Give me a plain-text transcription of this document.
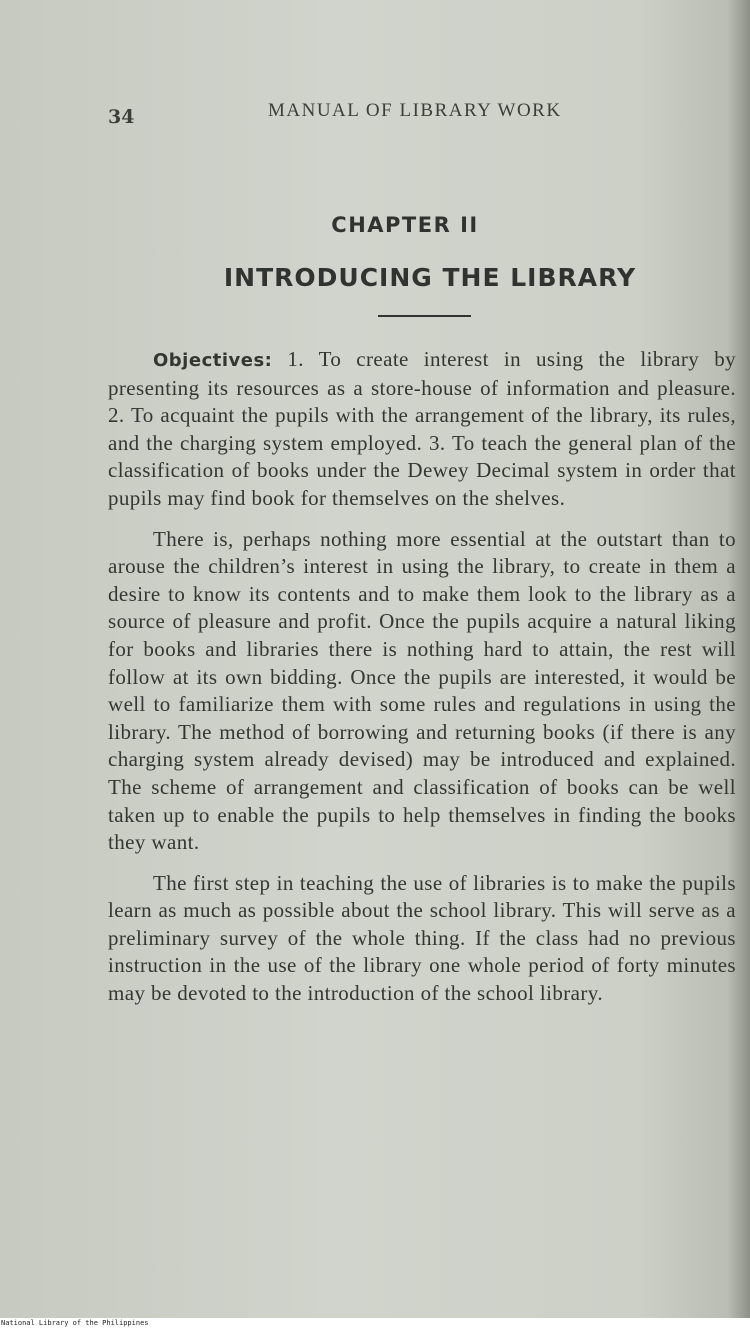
34	MANUAL OF LIBRARY WORK
CHAPTER II
INTRODUCING THE LIBRARY

Objectives: 1. To create interest in using the library by presenting its resources as a store-house of information and pleasure. 2. To acquaint the pupils with the arrangement of the library, its rules, and the charging system employed. 3. To teach the general plan of the classification of books under the Dewey Decimal system in order that pupils may find book for themselves on the shelves.

There is, perhaps nothing more essential at the outstart than to arouse the children’s interest in using the library, to create in them a desire to know its contents and to make them look to the library as a source of pleasure and profit. Once the pupils acquire a natural liking for books and libraries there is nothing hard to attain, the rest will follow at its own bidding. Once the pupils are interested, it would be well to familiarize them with some rules and regulations in using the library. The method of borrowing and returning books (if there is any charging system already devised) may be introduced and explained. The scheme of arrangement and classification of books can be well taken up to enable the pupils to help themselves in finding the books they want.

The first step in teaching the use of libraries is to make the pupils learn as much as possible about the school library. This will serve as a preliminary survey of the whole thing. If the class had no previous instruction in the use of the library one whole period of forty minutes may be devoted to the introduction of the school library.

National Library of the Philippines
